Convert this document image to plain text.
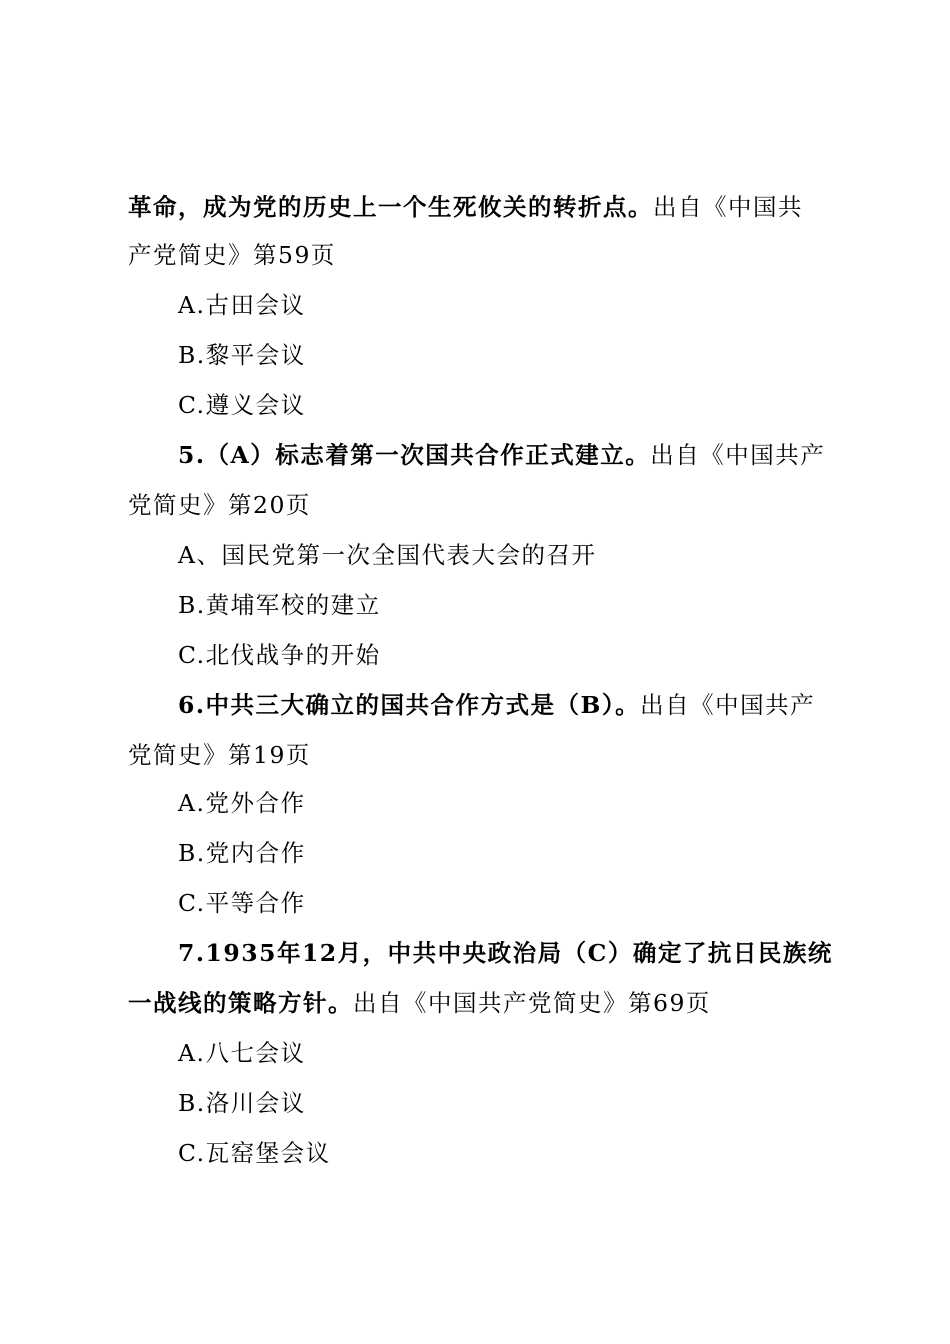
革命，成为党的历史上一个生死攸关的转折点。出自《中国共
产党简史》第59页
A.古田会议
B.黎平会议
C.遵义会议
5.（A）标志着第一次国共合作正式建立。出自《中国共产
党简史》第20页
A、国民党第一次全国代表大会的召开
B.黄埔军校的建立
C.北伐战争的开始
6.中共三大确立的国共合作方式是（B）。出自《中国共产
党简史》第19页
A.党外合作
B.党内合作
C.平等合作
7.1935年12月，中共中央政治局（C）确定了抗日民族统
一战线的策略方针。出自《中国共产党简史》第69页
A.八七会议
B.洛川会议
C.瓦窑堡会议
